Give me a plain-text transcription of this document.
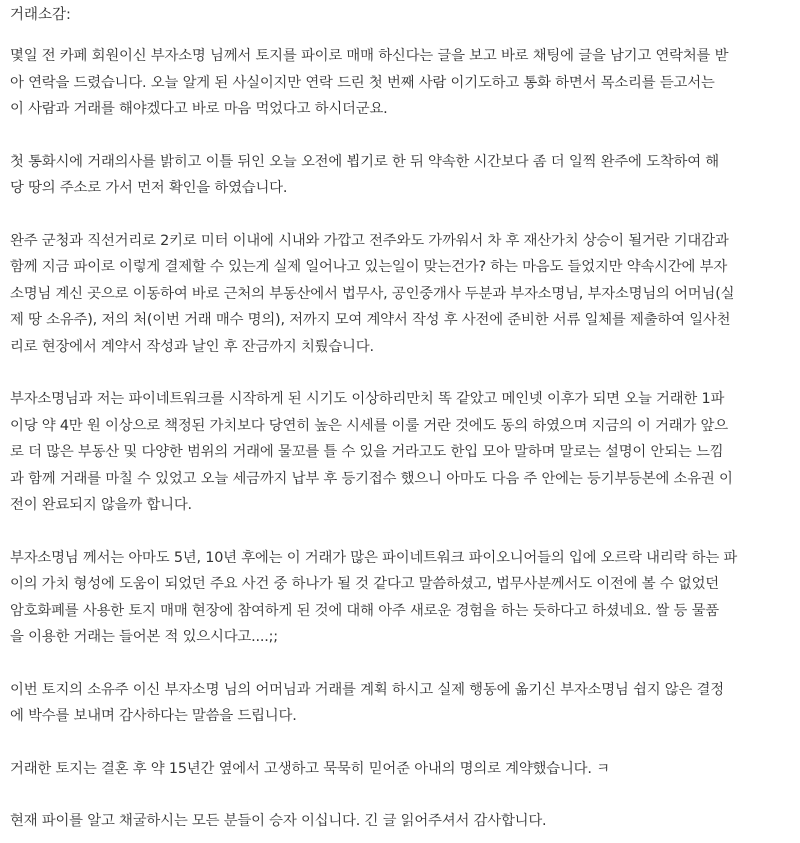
거래소감:

몇일 전 카페 회원이신 부자소명 님께서 토지를 파이로 매매 하신다는 글을 보고 바로 채팅에 글을 남기고 연락처를 받
아 연락을 드렸습니다. 오늘 알게 된 사실이지만 연락 드린 첫 번째 사람 이기도하고 통화 하면서 목소리를 듣고서는
이 사람과 거래를 해야겠다고 바로 마음 먹었다고 하시더군요.

첫 통화시에 거래의사를 밝히고 이틀 뒤인 오늘 오전에 뵙기로 한 뒤 약속한 시간보다 좀 더 일찍 완주에 도착하여 해
당 땅의 주소로 가서 먼저 확인을 하였습니다.

완주 군청과 직선거리로 2키로 미터 이내에 시내와 가깝고 전주와도 가까워서 차 후 재산가치 상승이 될거란 기대감과
함께 지금 파이로 이렇게 결제할 수 있는게 실제 일어나고 있는일이 맞는건가? 하는 마음도 들었지만 약속시간에 부자
소명님 계신 곳으로 이동하여 바로 근처의 부동산에서 법무사, 공인중개사 두분과 부자소명님, 부자소명님의 어머님(실
제 땅 소유주), 저의 처(이번 거래 매수 명의), 저까지 모여 계약서 작성 후 사전에 준비한 서류 일체를 제출하여 일사천
리로 현장에서 계약서 작성과 날인 후 잔금까지 치뤘습니다.

부자소명님과 저는 파이네트워크를 시작하게 된 시기도 이상하리만치 똑 같았고 메인넷 이후가 되면 오늘 거래한 1파
이당 약 4만 원 이상으로 책정된 가치보다 당연히 높은 시세를 이룰 거란 것에도 동의 하였으며 지금의 이 거래가 앞으
로 더 많은 부동산 및 다양한 범위의 거래에 물꼬를 틀 수 있을 거라고도 한입 모아 말하며 말로는 설명이 안되는 느낌
과 함께 거래를 마칠 수 있었고 오늘 세금까지 납부 후 등기접수 했으니 아마도 다음 주 안에는 등기부등본에 소유권 이
전이 완료되지 않을까 합니다.

부자소명님 께서는 아마도 5년, 10년 후에는 이 거래가 많은 파이네트워크 파이오니어들의 입에 오르락 내리락 하는 파
이의 가치 형성에 도움이 되었던 주요 사건 중 하나가 될 것 같다고 말씀하셨고, 법무사분께서도 이전에 볼 수 없었던
암호화폐를 사용한 토지 매매 현장에 참여하게 된 것에 대해 아주 새로운 경험을 하는 듯하다고 하셨네요. 쌀 등 물품
을 이용한 거래는 들어본 적 있으시다고....;;

이번 토지의 소유주 이신 부자소명 님의 어머님과 거래를 계획 하시고 실제 행동에 옮기신 부자소명님 쉽지 않은 결정
에 박수를 보내며 감사하다는 말씀을 드립니다.

거래한 토지는 결혼 후 약 15년간 옆에서 고생하고 묵묵히 믿어준 아내의 명의로 계약했습니다. ㅋ

현재 파이를 알고 채굴하시는 모든 분들이 승자 이십니다. 긴 글 읽어주셔서 감사합니다.
